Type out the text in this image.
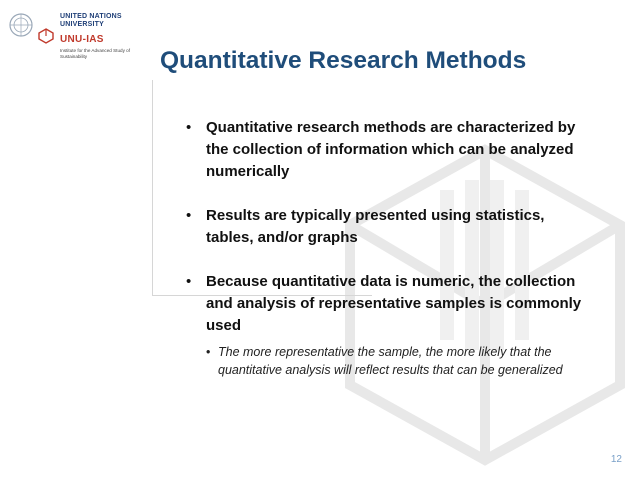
UNITED NATIONS
UNIVERSITY
UNU-IAS
Institute for the Advanced Study of Sustainability	Quantitative Research Methods
• Quantitative research methods are characterized by the collection of information which can be analyzed numerically
• Results are typically presented using statistics, tables, and/or graphs
• Because quantitative data is numeric, the collection and analysis of representative samples is commonly used
• The more representative the sample, the more likely that the quantitative analysis will reflect results that can be generalized
12
